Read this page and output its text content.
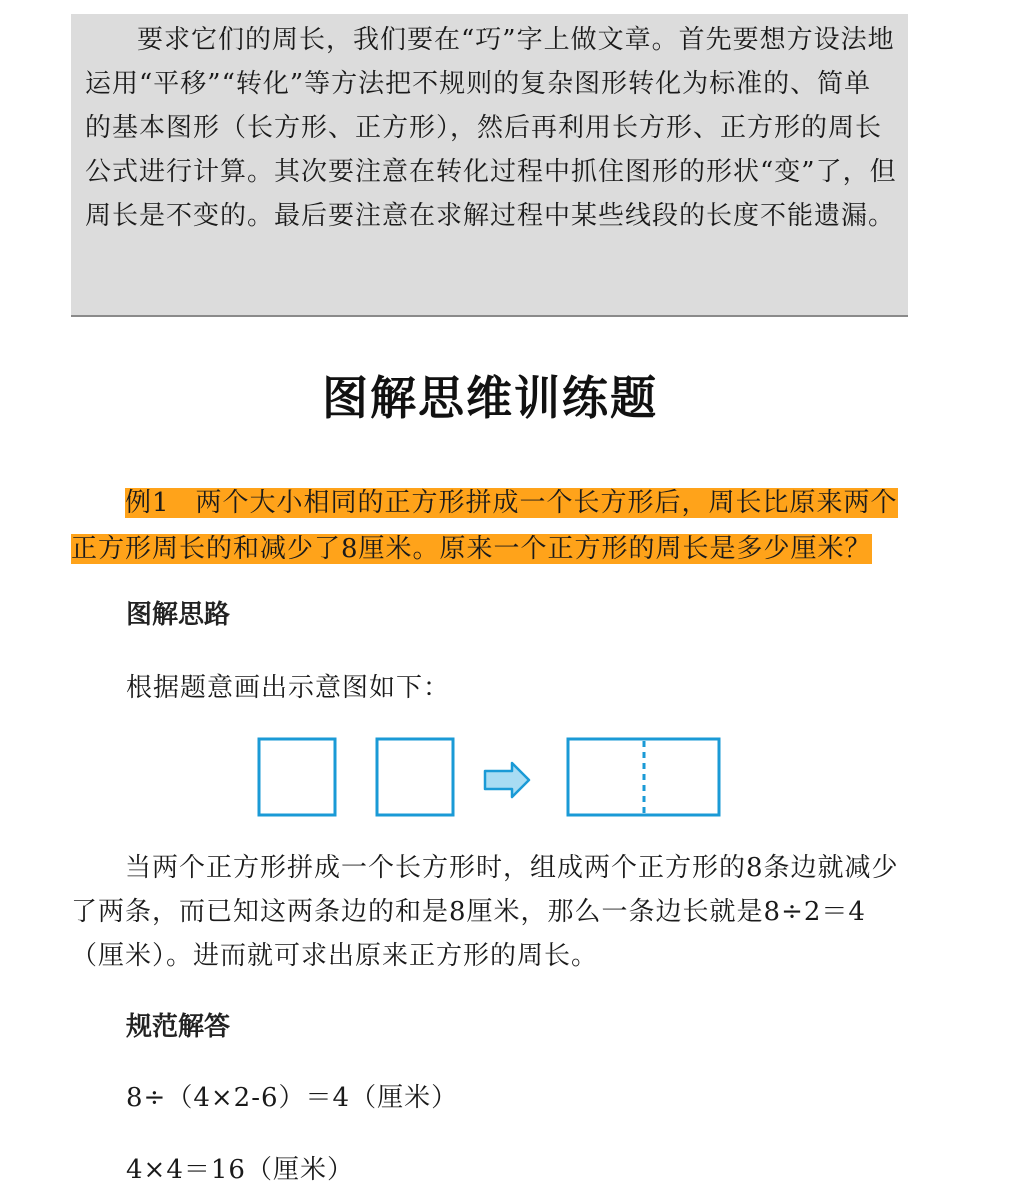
要求它们的周长，我们要在“巧”字上做文章。首先要想方设法地运用“平移”“转化”等方法把不规则的复杂图形转化为标准的、简单的基本图形（长方形、正方形），然后再利用长方形、正方形的周长公式进行计算。其次要注意在转化过程中抓住图形的形状“变”了，但周长是不变的。最后要注意在求解过程中某些线段的长度不能遗漏。

图解思维训练题

例1 两个大小相同的正方形拼成一个长方形后，周长比原来两个正方形周长的和减少了8厘米。原来一个正方形的周长是多少厘米？

图解思路

根据题意画出示意图如下：

当两个正方形拼成一个长方形时，组成两个正方形的8条边就减少了两条，而已知这两条边的和是8厘米，那么一条边长就是8÷2＝4（厘米）。进而就可求出原来正方形的周长。

规范解答

8÷（4×2-6）＝4（厘米）

4×4＝16（厘米）
